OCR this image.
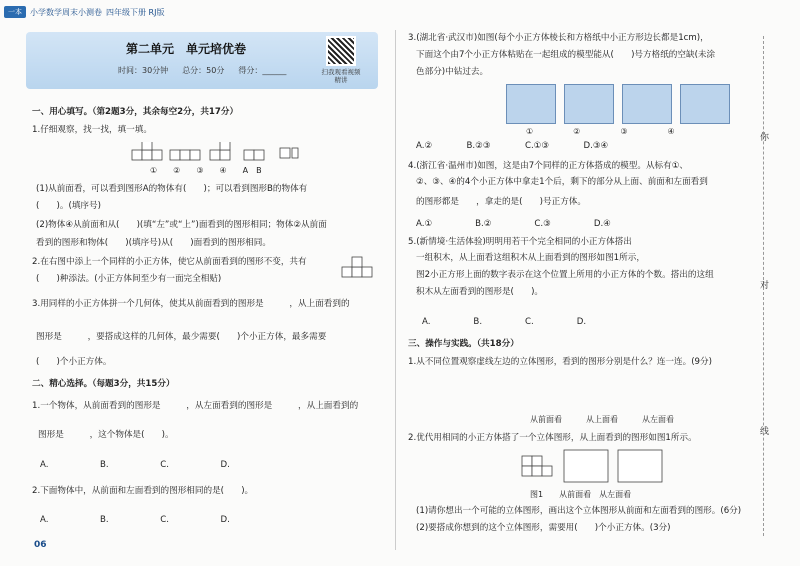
一本	小学数学周末小测卷 四年级下册 RJ版
第二单元　单元培优卷
时间：30分钟 总分：50分 得分：______	扫我观看视频精讲
一、用心填写。（第2题3分，其余每空2分，共17分）
1.仔细观察，找一找，填一填。
①　　②　　③　　④　　A　B
(1)从前面看，可以看到图形A的物体有(　　)；可以看到图形B的物体有
(　　)。(填序号)
(2)物体④从前面和从(　　)(填“左”或“上”)面看到的图形相同；物体②从前面
看到的图形和物体(　　)(填序号)从(　　)面看到的图形相同。
2.在右图中添上一个同样的小正方体，使它从前面看到的图形不变，共有
(　　)种添法。(小正方体间至少有一面完全相贴)
3.用同样的小正方体拼一个几何体，使其从前面看到的图形是　　　，从上面看到的
图形是　　　，要搭成这样的几何体，最少需要(　　)个小正方体，最多需要
(　　)个小正方体。
二、精心选择。（每题3分，共15分）
1.一个物体，从前面看到的图形是　　　，从左面看到的图形是　　　，从上面看到的
图形是　　　，这个物体是(　　)。
A.　　　　　　B.　　　　　　C.　　　　　　D.
2.下面物体中，从前面和左面看到的图形相同的是(　　)。
A.　　　　　　B.　　　　　　C.　　　　　　D.
06
3.(湖北省·武汉市)如图(每个小正方体棱长和方格纸中小正方形边长都是1cm)，
下面这个由7个小正方体粘贴在一起组成的模型能从(　　)号方格纸的空缺(未涂
色部分)中钻过去。
①　　　　　②　　　　　③　　　　　④
A.②　　　　B.②③　　　　C.①③　　　　D.③④
4.(浙江省·温州市)如图，这是由7个同样的正方体搭成的模型。从标有①、
②、③、④的4个小正方体中拿走1个后，剩下的部分从上面、前面和左面看到
的图形都是　　，拿走的是(　　)号正方体。
A.①　　　　　B.②　　　　　C.③　　　　　D.④
5.(新情境·生活体验)明明用若干个完全相同的小正方体搭出
一组积木，从上面看这组积木从上面看到的图形如图1所示，
图2小正方形上面的数字表示在这个位置上所用的小正方体的个数。搭出的这组
积木从左面看到的图形是(　　)。
A.　　　　　B.　　　　　C.　　　　　D.
三、操作与实践。（共18分）
1.从不同位置观察虚线左边的立体图形，看到的图形分别是什么？连一连。(9分)
从前面看　　　从上面看　　　从左面看
2.优代用相同的小正方体搭了一个立体图形，从上面看到的图形如图1所示。
图1　　从前面看　从左面看
(1)请你想出一个可能的立体图形，画出这个立体图形从前面和左面看到的图形。(6分)
(2)要搭成你想到的这个立体图形，需要用(　　)个小正方体。(3分)
你
对
线
